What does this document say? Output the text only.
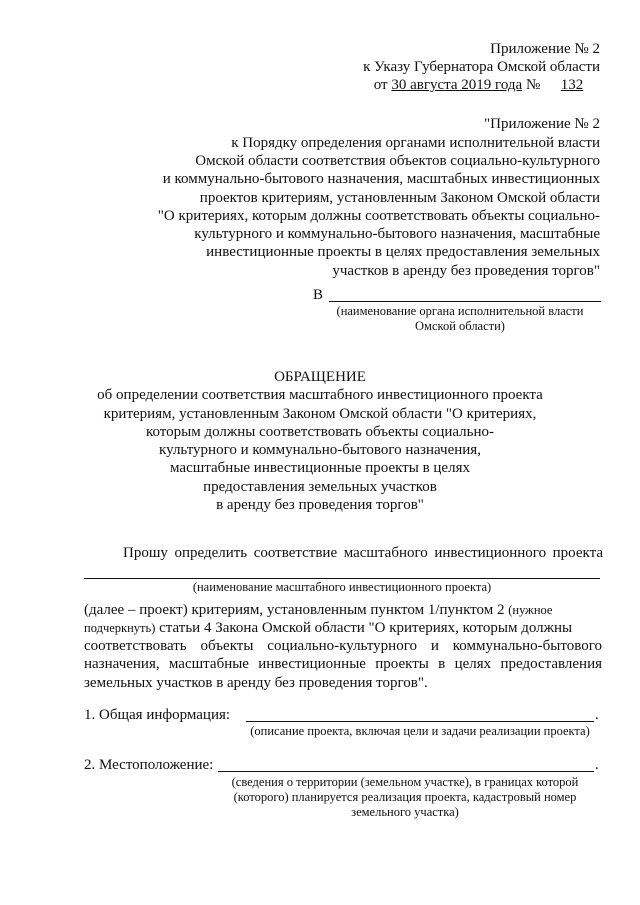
Приложение № 2
к Указу Губернатора Омской области
от 30 августа 2019 года № 132
"Приложение № 2
к Порядку определения органами исполнительной власти
Омской области соответствия объектов социально-культурного
и коммунально-бытового назначения, масштабных инвестиционных
проектов критериям, установленным Законом Омской области
"О критериях, которым должны соответствовать объекты социально-
культурного и коммунально-бытового назначения, масштабные
инвестиционные проекты в целях предоставления земельных
участков в аренду без проведения торгов"
В
(наименование органа исполнительной власти
Омской области)
ОБРАЩЕНИЕ
об определении соответствия масштабного инвестиционного проекта
критериям, установленным Законом Омской области "О критериях,
которым должны соответствовать объекты социально-
культурного и коммунально-бытового назначения,
масштабные инвестиционные проекты в целях
предоставления земельных участков
в аренду без проведения торгов"
Прошу определить соответствие масштабного инвестиционного проекта
(наименование масштабного инвестиционного проекта)
(далее – проект) критериям, установленным пунктом 1/пунктом 2 (нужное
подчеркнуть) статьи 4 Закона Омской области "О критериях, которым должны
соответствовать объекты социально-культурного и коммунально-бытового
назначения, масштабные инвестиционные проекты в целях предоставления
земельных участков в аренду без проведения торгов".
1. Общая информация:	.
(описание проекта, включая цели и задачи реализации проекта)
2. Местоположение:	.
(сведения о территории (земельном участке), в границах которой
(которого) планируется реализация проекта, кадастровый номер
земельного участка)
